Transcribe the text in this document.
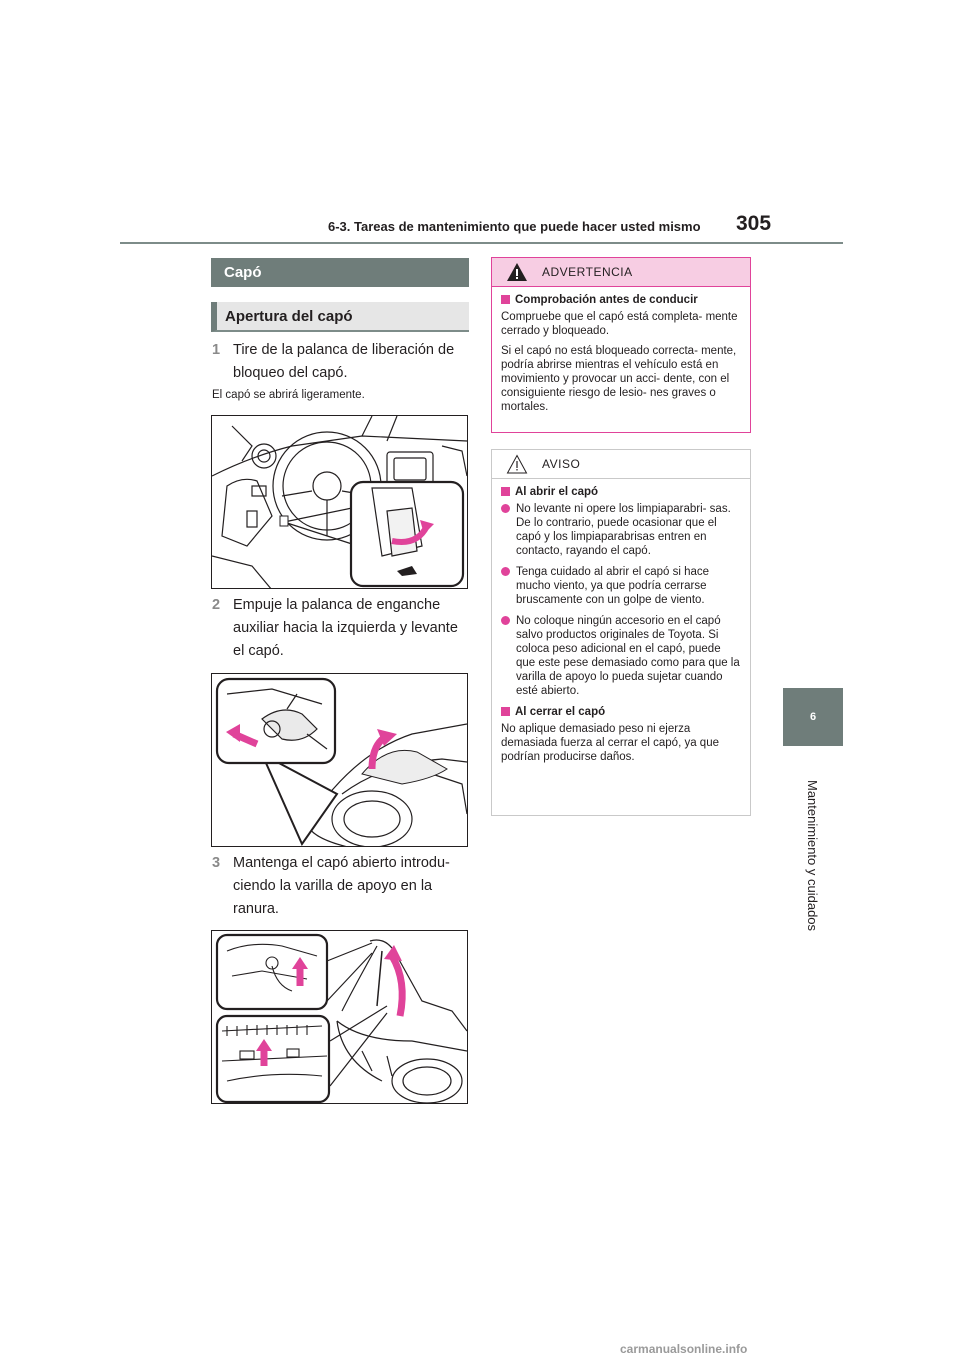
6-3. Tareas de mantenimiento que puede hacer usted mismo 305
6
Mantenimiento y cuidados
Capó
Apertura del capó
1 Tire de la palanca de liberación de bloqueo del capó.
El capó se abrirá ligeramente.
2 Empuje la palanca de enganche auxiliar hacia la izquierda y levante el capó.
3 Mantenga el capó abierto introdu- ciendo la varilla de apoyo en la ranura.
ADVERTENCIA
Comprobación antes de conducir

Compruebe que el capó está completa- mente cerrado y bloqueado.

Si el capó no está bloqueado correcta- mente, podría abrirse mientras el vehículo está en movimiento y provocar un acci- dente, con el consiguiente riesgo de lesio- nes graves o mortales.

AVISO
Al abrir el capó
No levante ni opere los limpiaparabri- sas. De lo contrario, puede ocasionar que el capó y los limpiaparabrisas entren en contacto, rayando el capó.
Tenga cuidado al abrir el capó si hace mucho viento, ya que podría cerrarse bruscamente con un golpe de viento.
No coloque ningún accesorio en el capó salvo productos originales de Toyota. Si coloca peso adicional en el capó, puede que este pese demasiado como para que la varilla de apoyo lo pueda sujetar cuando esté abierto.
Al cerrar el capó

No aplique demasiado peso ni ejerza demasiada fuerza al cerrar el capó, ya que podrían producirse daños.

carmanualsonline.info
